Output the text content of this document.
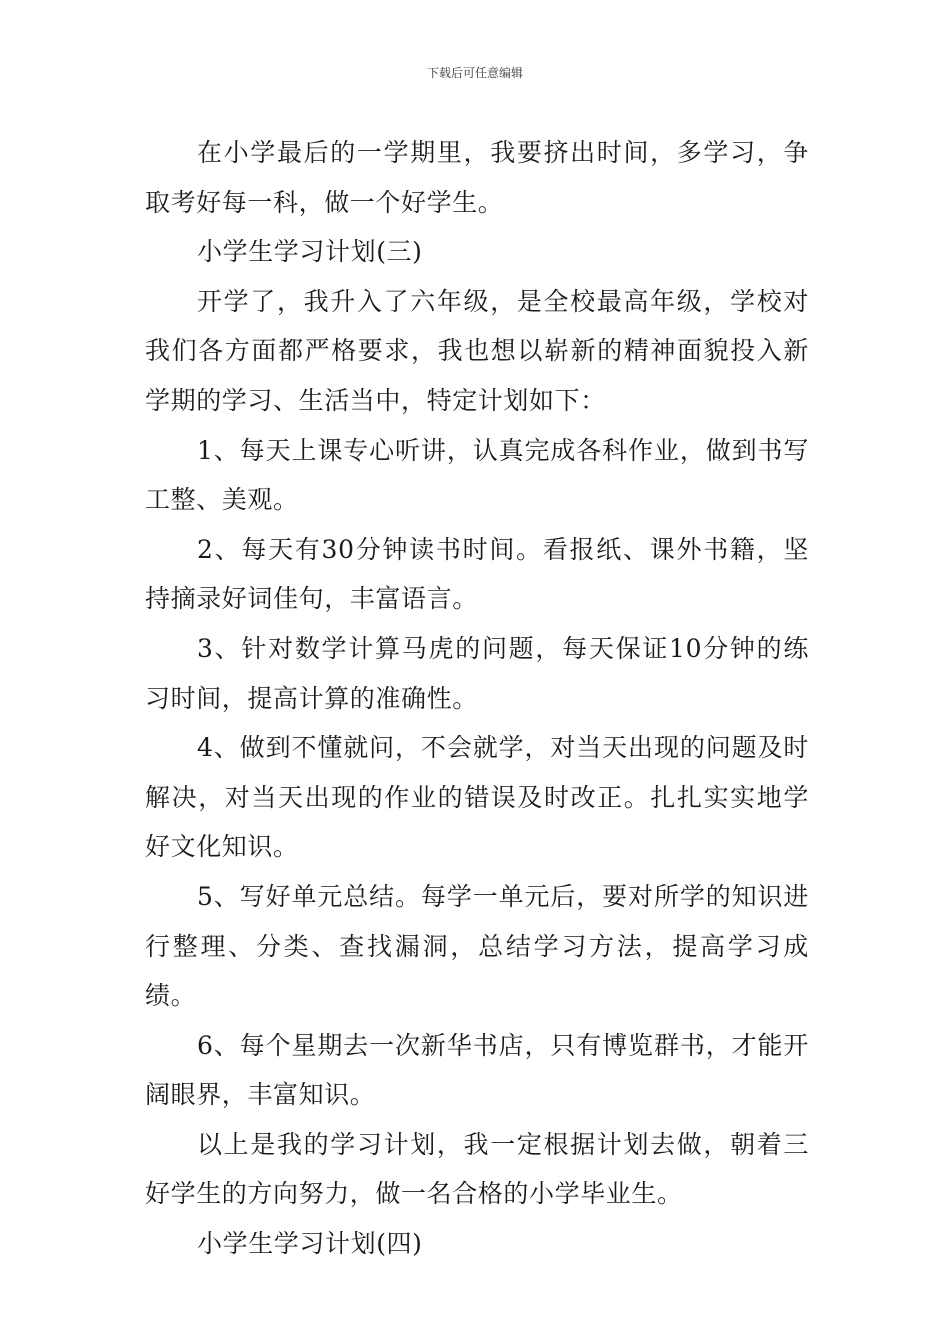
下载后可任意编辑

在小学最后的一学期里，我要挤出时间，多学习，争取考好每一科，做一个好学生。

小学生学习计划(三)

开学了，我升入了六年级，是全校最高年级，学校对我们各方面都严格要求，我也想以崭新的精神面貌投入新学期的学习、生活当中，特定计划如下：

1、每天上课专心听讲，认真完成各科作业，做到书写工整、美观。

2、每天有30分钟读书时间。看报纸、课外书籍，坚持摘录好词佳句，丰富语言。

3、针对数学计算马虎的问题，每天保证10分钟的练习时间，提高计算的准确性。

4、做到不懂就问，不会就学，对当天出现的问题及时解决，对当天出现的作业的错误及时改正。扎扎实实地学好文化知识。

5、写好单元总结。每学一单元后，要对所学的知识进行整理、分类、查找漏洞，总结学习方法，提高学习成绩。

6、每个星期去一次新华书店，只有博览群书，才能开阔眼界，丰富知识。

以上是我的学习计划，我一定根据计划去做，朝着三好学生的方向努力，做一名合格的小学毕业生。

小学生学习计划(四)
